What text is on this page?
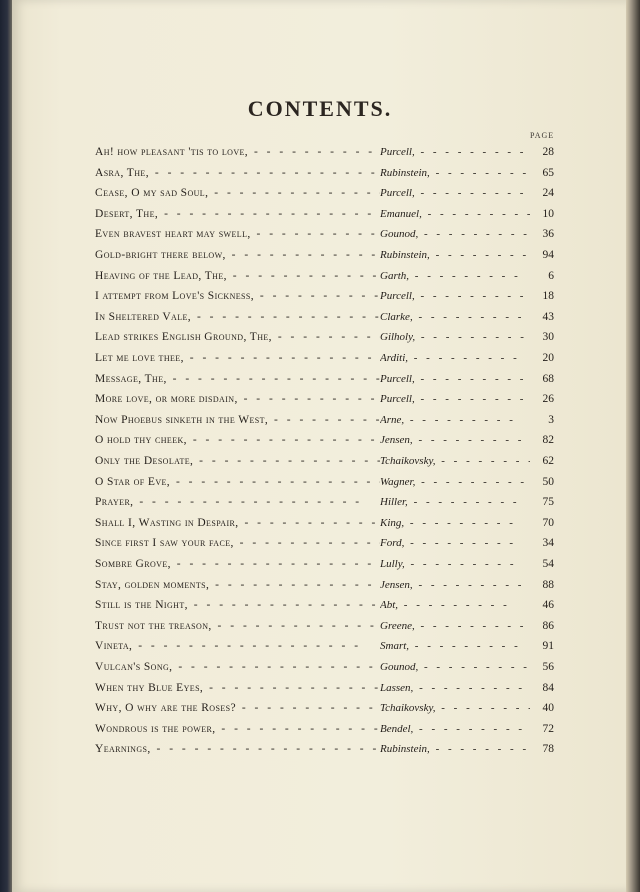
CONTENTS.
PAGE
Ah! how pleasant 'tis to love, - -	Purcell, - -	28
Asra, The, - -	Rubinstein, - -	65
Cease, O my sad Soul, - -	Purcell, - -	24
Desert, The, - -	Emanuel, - -	10
Even bravest heart may swell, - -	Gounod, - -	36
Gold-bright there below, - -	Rubinstein, - -	94
Heaving of the Lead, The, - -	Garth, - -	6
I attempt from Love's Sickness, - -	Purcell, - -	18
In Sheltered Vale, - -	Clarke, - -	43
Lead strikes English Ground, The, - -	Gilholy, - -	30
Let me love thee, - -	Arditi, - -	20
Message, The, - -	Purcell, - -	68
More love, or more disdain, - -	Purcell, - -	26
Now Phoebus sinketh in the West, - -	Arne, - -	3
O hold thy cheek, - -	Jensen, - -	82
Only the Desolate, - -	Tchaikovsky, - -	62
O Star of Eve, - -	Wagner, - -	50
Prayer, - -	Hiller, - -	75
Shall I, Wasting in Despair, - -	King, - -	70
Since first I saw your face, - -	Ford, - -	34
Sombre Grove, - -	Lully, - -	54
Stay, golden moments, - -	Jensen, - -	88
Still is the Night, - -	Abt, - -	46
Trust not the treason, - -	Greene, - -	86
Vineta, - -	Smart, - -	91
Vulcan's Song, - -	Gounod, - -	56
When thy Blue Eyes, - -	Lassen, - -	84
Why, O why are the Roses? - -	Tchaikovsky, - -	40
Wondrous is the power, - -	Bendel, - -	72
Yearnings, - -	Rubinstein, - -	78
